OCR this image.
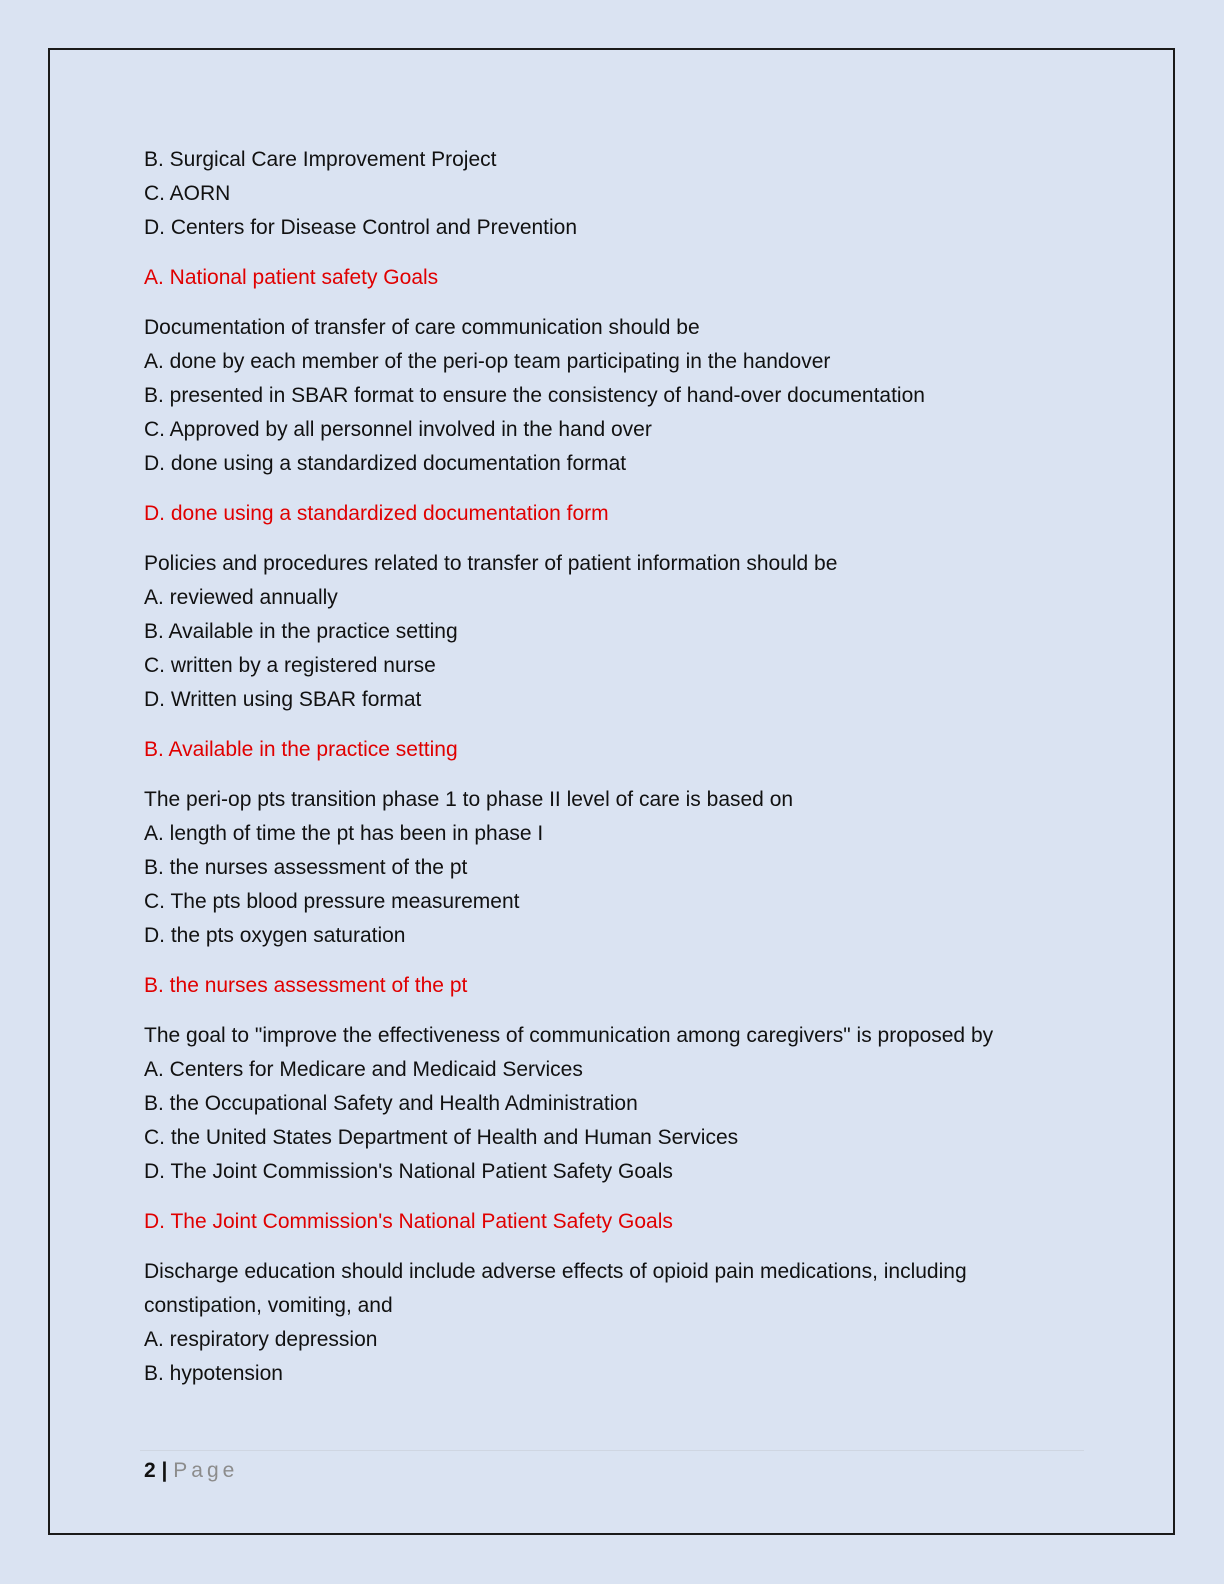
B. Surgical Care Improvement Project
C. AORN
D. Centers for Disease Control and Prevention
A. National patient safety Goals
Documentation of transfer of care communication should be
A. done by each member of the peri-op team participating in the handover
B. presented in SBAR format to ensure the consistency of hand-over documentation
C. Approved by all personnel involved in the hand over
D. done using a standardized documentation format
D. done using a standardized documentation form
Policies and procedures related to transfer of patient information should be
A. reviewed annually
B. Available in the practice setting
C. written by a registered nurse
D. Written using SBAR format
B. Available in the practice setting
The peri-op pts transition phase 1 to phase II level of care is based on
A. length of time the pt has been in phase I
B. the nurses assessment of the pt
C. The pts blood pressure measurement
D. the pts oxygen saturation
B. the nurses assessment of the pt
The goal to "improve the effectiveness of communication among caregivers" is proposed by
A. Centers for Medicare and Medicaid Services
B. the Occupational Safety and Health Administration
C. the United States Department of Health and Human Services
D. The Joint Commission's National Patient Safety Goals
D. The Joint Commission's National Patient Safety Goals
Discharge education should include adverse effects of opioid pain medications, including
constipation, vomiting, and
A. respiratory depression
B. hypotension
2 | Page
